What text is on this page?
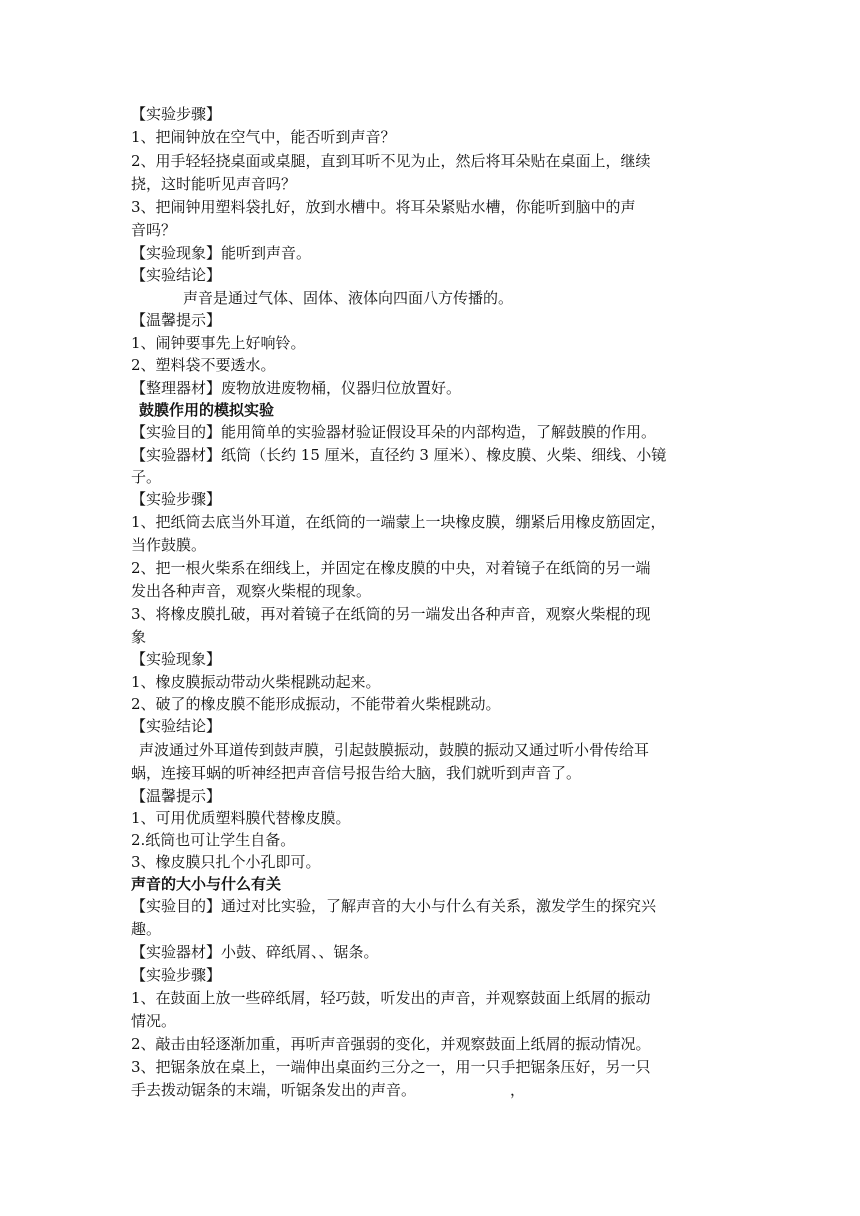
【实验步骤】
1、把闹钟放在空气中，能否听到声音？
2、用手轻轻挠桌面或桌腿，直到耳听不见为止，然后将耳朵贴在桌面上，继续
挠，这时能听见声音吗？
3、把闹钟用塑料袋扎好，放到水槽中。将耳朵紧贴水槽，你能听到脑中的声
音吗？
【实验现象】能听到声音。
【实验结论】
声音是通过气体、固体、液体向四面八方传播的。
【温馨提示】
1、闹钟要事先上好响铃。
2、塑料袋不要透水。
【整理器材】废物放进废物桶，仪器归位放置好。
鼓膜作用的模拟实验
【实验目的】能用简单的实验器材验证假设耳朵的内部构造，了解鼓膜的作用。
【实验器材】纸筒（长约 15 厘米，直径约 3 厘米）、橡皮膜、火柴、细线、小镜
子。
【实验步骤】
1、把纸筒去底当外耳道，在纸筒的一端蒙上一块橡皮膜，绷紧后用橡皮筋固定，
当作鼓膜。
2、把一根火柴系在细线上，并固定在橡皮膜的中央，对着镜子在纸筒的另一端
发出各种声音，观察火柴棍的现象。
3、将橡皮膜扎破，再对着镜子在纸筒的另一端发出各种声音，观察火柴棍的现
象
【实验现象】
1、橡皮膜振动带动火柴棍跳动起来。
2、破了的橡皮膜不能形成振动，不能带着火柴棍跳动。
【实验结论】
声波通过外耳道传到鼓声膜，引起鼓膜振动，鼓膜的振动又通过听小骨传给耳
蜗，连接耳蜗的听神经把声音信号报告给大脑，我们就听到声音了。
【温馨提示】
1、可用优质塑料膜代替橡皮膜。
2.纸筒也可让学生自备。
3、橡皮膜只扎个小孔即可。
声音的大小与什么有关
【实验目的】通过对比实验，了解声音的大小与什么有关系，激发学生的探究兴
趣。
【实验器材】小鼓、碎纸屑、、锯条。
【实验步骤】
1、在鼓面上放一些碎纸屑，轻巧鼓，听发出的声音，并观察鼓面上纸屑的振动
情况。
2、敲击由轻逐渐加重，再听声音强弱的变化，并观察鼓面上纸屑的振动情况。
3、把锯条放在桌上，一端伸出桌面约三分之一，用一只手把锯条压好，另一只
手去拨动锯条的末端，听锯条发出的声音。	，
